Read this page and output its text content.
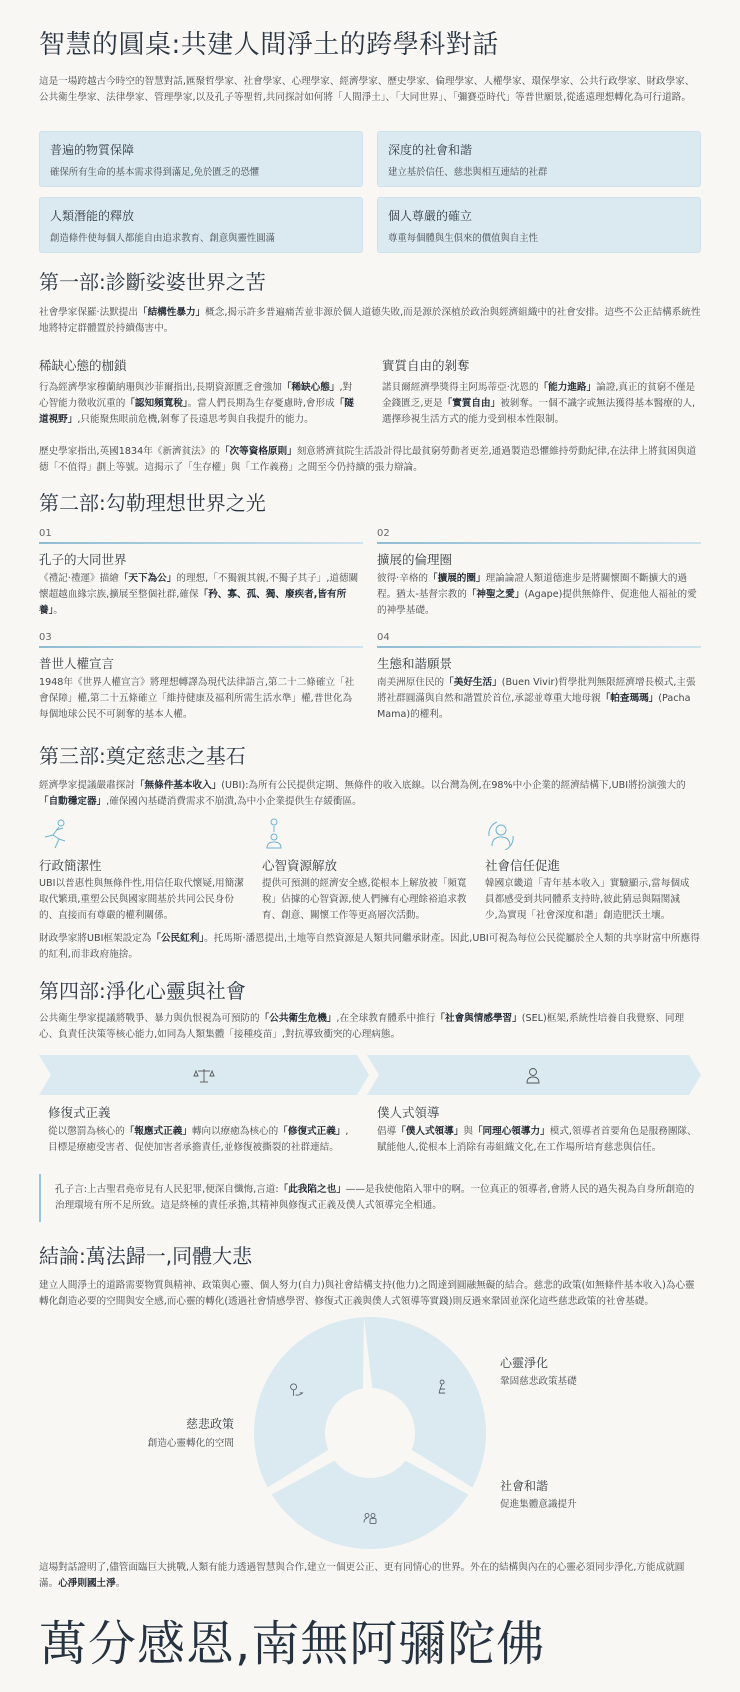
智慧的圓桌:共建人間淨土的跨學科對話
這是一場跨越古今時空的智慧對話,匯聚哲學家、社會學家、心理學家、經濟學家、歷史學家、倫理學家、人權學家、環保學家、公共行政學家、財政學家、公共衛生學家、法律學家、管理學家,以及孔子等聖哲,共同探討如何將「人間淨土」、「大同世界」、「彌賽亞時代」等普世願景,從遙遠理想轉化為可行道路。
普遍的物質保障
確保所有生命的基本需求得到滿足,免於匱乏的恐懼
深度的社會和諧
建立基於信任、慈悲與相互連結的社群
人類潛能的釋放
創造條件使每個人都能自由追求教育、創意與靈性圓滿
個人尊嚴的確立
尊重每個體與生俱來的價值與自主性
第一部:診斷娑婆世界之苦
社會學家保羅·法默提出「結構性暴力」概念,揭示許多普遍痛苦並非源於個人道德失敗,而是源於深植於政治與經濟組織中的社會安排。這些不公正結構系統性地將特定群體置於持續傷害中。
稀缺心態的枷鎖
行為經濟學家穆蘭納珊與沙菲爾指出,長期資源匱乏會強加「稀缺心態」,對心智能力徵收沉重的「認知頻寬稅」。當人們長期為生存憂慮時,會形成「隧道視野」,只能聚焦眼前危機,剝奪了長遠思考與自我提升的能力。
實質自由的剝奪
諾貝爾經濟學獎得主阿馬蒂亞·沈恩的「能力進路」論證,真正的貧窮不僅是金錢匱乏,更是「實質自由」被剝奪。一個不識字或無法獲得基本醫療的人,選擇珍視生活方式的能力受到根本性限制。
歷史學家指出,英國1834年《新濟貧法》的「次等資格原則」刻意將濟貧院生活設計得比最貧窮勞動者更差,通過製造恐懼維持勞動紀律,在法律上將貧困與道德「不值得」劃上等號。這揭示了「生存權」與「工作義務」之間至今仍持續的張力辯論。
第二部:勾勒理想世界之光
01
孔子的大同世界
《禮記·禮運》描繪「天下為公」的理想,「不獨親其親,不獨子其子」,道德關懷超越血緣宗族,擴展至整個社群,確保「矜、寡、孤、獨、廢疾者,皆有所養」。
02
擴展的倫理圈
彼得·辛格的「擴展的圈」理論論證人類道德進步是將關懷圈不斷擴大的過程。猶太-基督宗教的「神聖之愛」(Agape)提供無條件、促進他人福祉的愛的神學基礎。
03
普世人權宣言
1948年《世界人權宣言》將理想轉譯為現代法律語言,第二十二條確立「社會保障」權,第二十五條確立「維持健康及福利所需生活水準」權,普世化為每個地球公民不可剝奪的基本人權。
04
生態和諧願景
南美洲原住民的「美好生活」(Buen Vivir)哲學批判無限經濟增長模式,主張將社群圓滿與自然和諧置於首位,承認並尊重大地母親「帕查瑪瑪」(Pacha Mama)的權利。
第三部:奠定慈悲之基石
經濟學家提議嚴肅探討「無條件基本收入」(UBI):為所有公民提供定期、無條件的收入底線。以台灣為例,在98%中小企業的經濟結構下,UBI將扮演強大的「自動穩定器」,確保國內基礎消費需求不崩潰,為中小企業提供生存緩衝區。
行政簡潔性
UBI以普惠性與無條件性,用信任取代懷疑,用簡潔取代繁瑣,重塑公民與國家間基於共同公民身份的、直接而有尊嚴的權利關係。
心智資源解放
提供可預測的經濟安全感,從根本上解放被「頻寬稅」佔據的心智資源,使人們擁有心理餘裕追求教育、創意、關懷工作等更高層次活動。
社會信任促進
韓國京畿道「青年基本收入」實驗顯示,當每個成員都感受到共同體系支持時,彼此猜忌與隔閡減少,為實現「社會深度和諧」創造肥沃土壤。
財政學家將UBI框架設定為「公民紅利」。托馬斯·潘恩提出,土地等自然資源是人類共同繼承財產。因此,UBI可視為每位公民從屬於全人類的共享財富中所應得的紅利,而非政府施捨。
第四部:淨化心靈與社會
公共衛生學家提議將戰爭、暴力與仇恨視為可預防的「公共衛生危機」,在全球教育體系中推行「社會與情感學習」(SEL)框架,系統性培養自我覺察、同理心、負責任決策等核心能力,如同為人類集體「接種疫苗」,對抗導致衝突的心理病態。
修復式正義
從以懲罰為核心的「報應式正義」轉向以療癒為核心的「修復式正義」,目標是療癒受害者、促使加害者承擔責任,並修復被撕裂的社群連結。
僕人式領導
倡導「僕人式領導」與「同理心領導力」模式,領導者首要角色是服務團隊、賦能他人,從根本上消除有毒組織文化,在工作場所培育慈悲與信任。
孔子言:上古聖君堯帝見有人民犯罪,便深自懺悔,言道:「此我陷之也」——是我使他陷入罪中的啊。一位真正的領導者,會將人民的過失視為自身所創造的治理環境有所不足所致。這是終極的責任承擔,其精神與修復式正義及僕人式領導完全相通。
結論:萬法歸一,同體大悲
建立人間淨土的道路需要物質與精神、政策與心靈、個人努力(自力)與社會結構支持(他力)之間達到圓融無礙的結合。慈悲的政策(如無條件基本收入)為心靈轉化創造必要的空間與安全感,而心靈的轉化(透過社會情感學習、修復式正義與僕人式領導等實踐)則反過來鞏固並深化這些慈悲政策的社會基礎。
心靈淨化
鞏固慈悲政策基礎
社會和諧
促進集體意識提升
慈悲政策
創造心靈轉化的空間
這場對話證明了,儘管面臨巨大挑戰,人類有能力透過智慧與合作,建立一個更公正、更有同情心的世界。外在的結構與內在的心靈必須同步淨化,方能成就圓滿。心淨則國土淨。
萬分感恩,南無阿彌陀佛
